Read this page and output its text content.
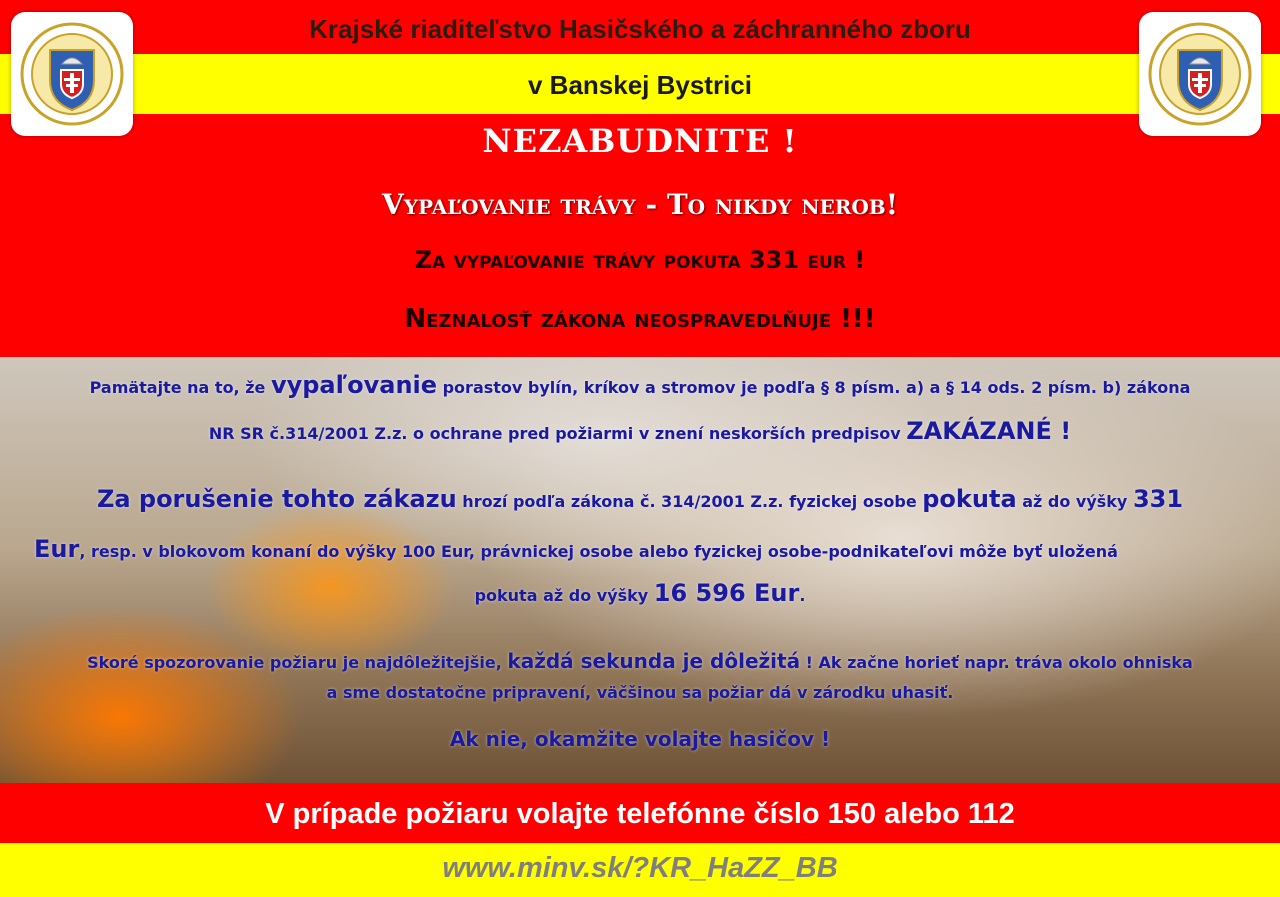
Krajské riaditeľstvo Hasičského a záchranného zboru
v Banskej Bystrici
NEZABUDNITE !
Vypaľovanie trávy - To nikdy nerob!
Za vypaľovanie trávy pokuta 331 eur !
Neznalosť zákona neospravedlňuje !!!
Pamätajte na to, že vypaľovanie porastov bylín, kríkov a stromov je podľa § 8 písm. a) a § 14 ods. 2 písm. b) zákona
NR SR č.314/2001 Z.z. o ochrane pred požiarmi v znení neskorších predpisov ZAKÁZANÉ !
Za porušenie tohto zákazu hrozí podľa zákona č. 314/2001 Z.z. fyzickej osobe pokuta až do výšky 331
Eur, resp. v blokovom konaní do výšky 100 Eur, právnickej osobe alebo fyzickej osobe-podnikateľovi môže byť uložená
pokuta až do výšky 16 596 Eur.
Skoré spozorovanie požiaru je najdôležitejšie, každá sekunda je dôležitá ! Ak začne horieť napr. tráva okolo ohniska
a sme dostatočne pripravení, väčšinou sa požiar dá v zárodku uhasiť.
Ak nie, okamžite volajte hasičov !
V prípade požiaru volajte telefónne číslo 150 alebo 112
www.minv.sk/?KR_HaZZ_BB
